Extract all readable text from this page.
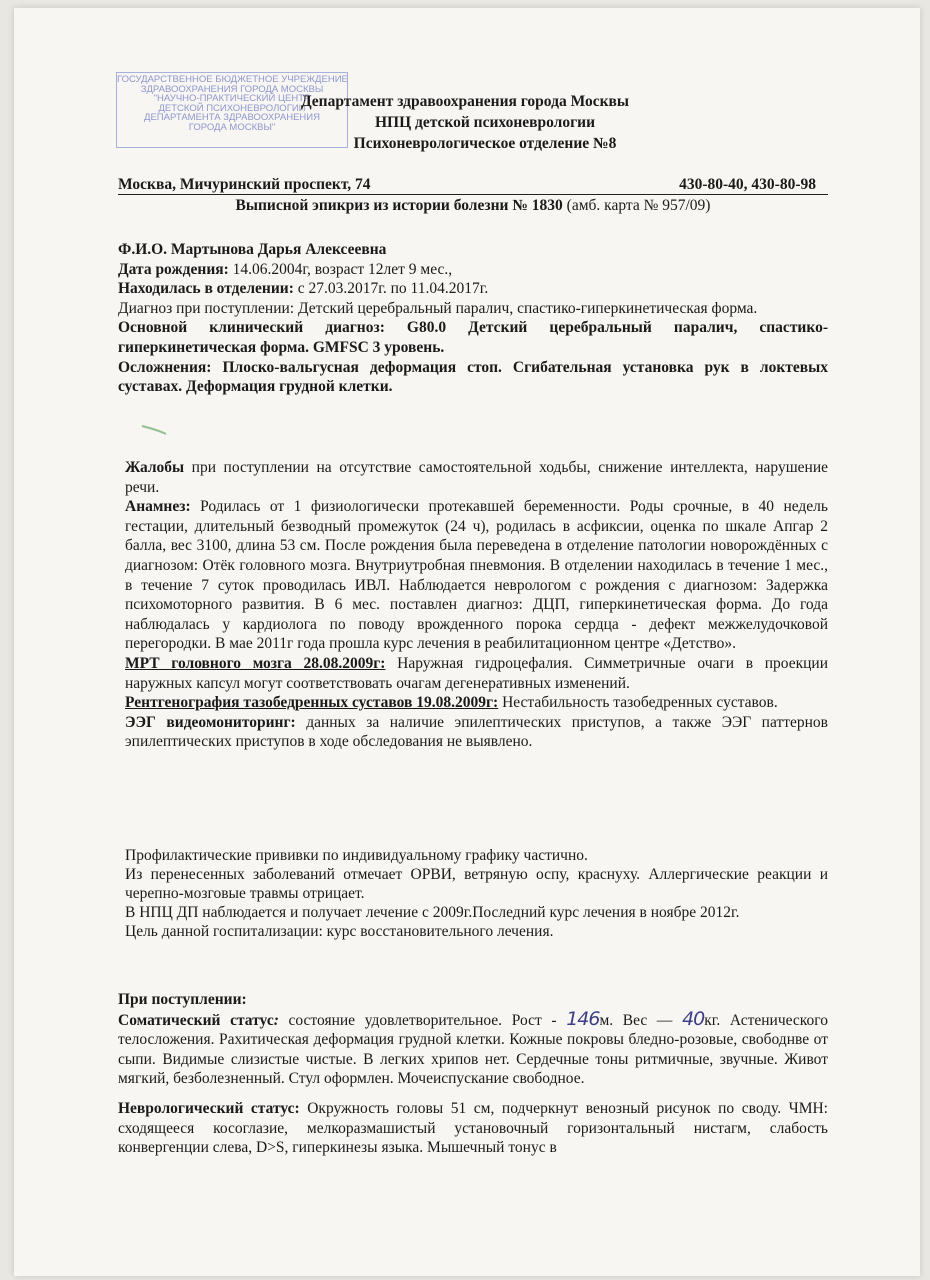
ГОСУДАРСТВЕННОЕ БЮДЖЕТНОЕ УЧРЕЖДЕНИЕ
ЗДРАВООХРАНЕНИЯ ГОРОДА МОСКВЫ
"НАУЧНО-ПРАКТИЧЕСКИЙ ЦЕНТР
ДЕТСКОЙ ПСИХОНЕВРОЛОГИИ
ДЕПАРТАМЕНТА ЗДРАВООХРАНЕНИЯ
ГОРОДА МОСКВЫ"
Департамент здравоохранения города Москвы
НПЦ детской психоневрологии
Психоневрологическое отделение №8
Москва, Мичуринский проспект, 74	430-80-40, 430-80-98
Выписной эпикриз из истории болезни № 1830 (амб. карта № 957/09)

Ф.И.О. Мартынова Дарья Алексеевна

Дата рождения: 14.06.2004г, возраст 12лет 9 мес.,

Находилась в отделении: с 27.03.2017г. по 11.04.2017г.

Диагноз при поступлении: Детский церебральный паралич, спастико-гиперкинетическая форма.

Основной клинический диагноз: G80.0 Детский церебральный паралич, спастико-гиперкинетическая форма. GMFSC 3 уровень.

Осложнения: Плоско-вальгусная деформация стоп. Сгибательная установка рук в локтевых суставах. Деформация грудной клетки.

Жалобы при поступлении на отсутствие самостоятельной ходьбы, снижение интеллекта, нарушение речи.

Анамнез: Родилась от 1 физиологически протекавшей беременности. Роды срочные, в 40 недель гестации, длительный безводный промежуток (24 ч), родилась в асфиксии, оценка по шкале Апгар 2 балла, вес 3100, длина 53 см. После рождения была переведена в отделение патологии новорождённых с диагнозом: Отёк головного мозга. Внутриутробная пневмония. В отделении находилась в течение 1 мес., в течение 7 суток проводилась ИВЛ. Наблюдается неврологом с рождения с диагнозом: Задержка психомоторного развития. В 6 мес. поставлен диагноз: ДЦП, гиперкинетическая форма. До года наблюдалась у кардиолога по поводу врожденного порока сердца - дефект межжелудочковой перегородки. В мае 2011г года прошла курс лечения в реабилитационном центре «Детство».

МРТ головного мозга 28.08.2009г: Наружная гидроцефалия. Симметричные очаги в проекции наружных капсул могут соответствовать очагам дегенеративных изменений.

Рентгенография тазобедренных суставов 19.08.2009г: Нестабильность тазобедренных суставов.

ЭЭГ видеомониторинг: данных за наличие эпилептических приступов, а также ЭЭГ паттернов эпилептических приступов в ходе обследования не выявлено.

Профилактические прививки по индивидуальному графику частично.

Из перенесенных заболеваний отмечает ОРВИ, ветряную оспу, краснуху. Аллергические реакции и черепно-мозговые травмы отрицает.

В НПЦ ДП наблюдается и получает лечение с 2009г.Последний курс лечения в ноябре 2012г.

Цель данной госпитализации: курс восстановительного лечения.

При поступлении:

Соматический статус: состояние удовлетворительное. Рост - 146м. Вес — 40кг. Астенического телосложения. Рахитическая деформация грудной клетки. Кожные покровы бледно-розовые, свободнве от сыпи. Видимые слизистые чистые. В легких хрипов нет. Сердечные тоны ритмичные, звучные. Живот мягкий, безболезненный. Стул оформлен. Мочеиспускание свободное.

Неврологический статус: Окружность головы 51 см, подчеркнут венозный рисунок по своду. ЧМН: сходящееся косоглазие, мелкоразмашистый установочный горизонтальный нистагм, слабость конвергенции слева, D>S, гиперкинезы языка. Мышечный тонус в
